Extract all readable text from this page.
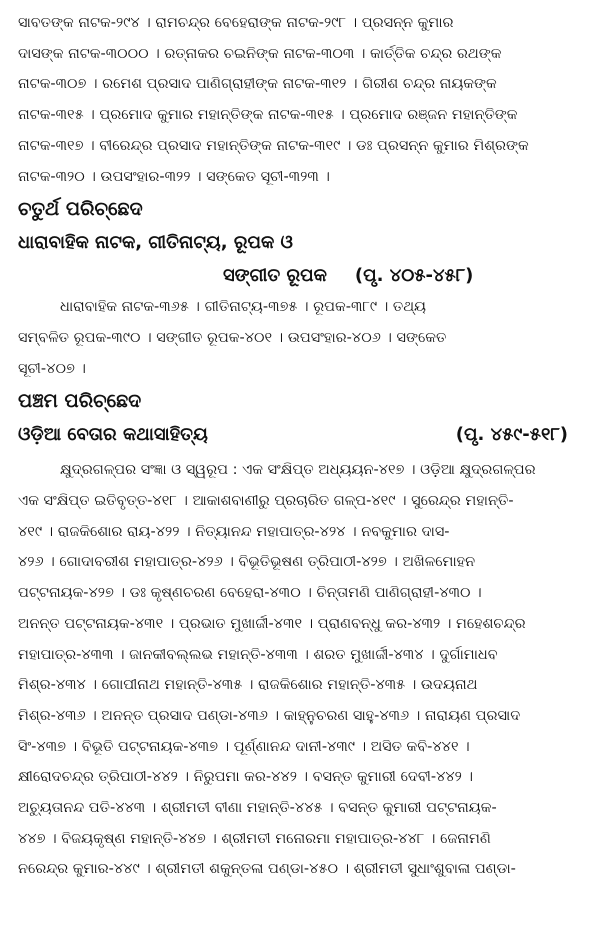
ସାବତଙ୍କ ନାଟକ-୨୯୪ । ରାମଚନ୍ଦ୍ର ବେହେରାଙ୍କ ନାଟକ-୨୯୮ । ପ୍ରସନ୍ନ କୁମାର
ଦାସଙ୍କ ନାଟକ-୩୦୦୦ । ରତ୍ନାକର ଚଇନିଙ୍କ ନାଟକ-୩୦୩ । କାର୍ତ୍ତିକ ଚନ୍ଦ୍ର ରଥଙ୍କ
ନାଟକ-୩୦୭ । ରମେଶ ପ୍ରସାଦ ପାଣିଗ୍ରାହୀଙ୍କ ନାଟକ-୩୧୨ । ଗିରୀଶ ଚନ୍ଦ୍ର ନାୟକଙ୍କ
ନାଟକ-୩୧୫ । ପ୍ରମୋଦ କୁମାର ମହାନ୍ତିଙ୍କ ନାଟକ-୩୧୫ । ପ୍ରମୋଦ ରଞ୍ଜନ ମହାନ୍ତିଙ୍କ
ନାଟକ-୩୧୭ । ବୀରେନ୍ଦ୍ର ପ୍ରସାଦ ମହାନ୍ତିଙ୍କ ନାଟକ-୩୧୯ । ଡଃ ପ୍ରସନ୍ନ କୁମାର ମିଶ୍ରଙ୍କ
ନାଟକ-୩୨୦ । ଉପସଂହାର-୩୨୨ । ସଙ୍କେତ ସୂଚୀ-୩୨୩ ।
ଚତୁର୍ଥ ପରିଚ୍ଛେଦ
ଧାରାବାହିକ ନାଟକ, ଗୀତିନାଟ୍ୟ, ରୂପକ ଓ
ସଙ୍ଗୀତ ରୂପକ (ପୃ. ୪୦୫-୪୫୮)
ଧାରାବାହିକ ନାଟକ-୩୬୫ । ଗୀତିନାଟ୍ୟ-୩୭୫ । ରୂପକ-୩୮୯ । ତଥ୍ୟ
ସମ୍ବଳିତ ରୂପକ-୩୯୦ । ସଙ୍ଗୀତ ରୂପକ-୪୦୧ । ଉପସଂହାର-୪୦୬ । ସଙ୍କେତ
ସୂଚୀ-୪୦୭ ।
ପଞ୍ଚମ ପରିଚ୍ଛେଦ
ଓଡ଼ିଆ ବେତାର କଥାସାହିତ୍ୟ	(ପୃ. ୪୫୯-୫୧୮)
କ୍ଷୁଦ୍ରଗଳ୍ପର ସଂଜ୍ଞା ଓ ସ୍ୱରୂପ : ଏକ ସଂକ୍ଷିପ୍ତ ଅଧ୍ୟୟନ-୪୧୭ । ଓଡ଼ିଆ କ୍ଷୁଦ୍ରଗଳ୍ପର
ଏକ ସଂକ୍ଷିପ୍ତ ଇତିବୃତ୍ତ-୪୧୮ । ଆକାଶବାଣୀରୁ ପ୍ରଚାରିତ ଗଳ୍ପ-୪୧୯ । ସୁରେନ୍ଦ୍ର ମହାନ୍ତି-
୪୧୯ । ରାଜକିଶୋର ରାୟ-୪୨୨ । ନିତ୍ୟାନନ୍ଦ ମହାପାତ୍ର-୪୨୪ । ନବକୁମାର ଦାସ-
୪୨୬ । ଗୋଦାବରୀଶ ମହାପାତ୍ର-୪୨୬ । ବିଭୂତିଭୂଷଣ ତ୍ରିପାଠୀ-୪୨୭ । ଅଖିଳମୋହନ
ପଟ୍ଟନାୟକ-୪୨୭ । ଡଃ କୃଷ୍ଣଚରଣ ବେହେରା-୪୩୦ । ଚିନ୍ତାମଣି ପାଣିଗ୍ରାହୀ-୪୩୦ ।
ଅନନ୍ତ ପଟ୍ଟନାୟକ-୪୩୧ । ପ୍ରଭାତ ମୁଖାର୍ଜୀ-୪୩୧ । ପ୍ରାଣବନ୍ଧୁ କର-୪୩୨ । ମହେଶଚନ୍ଦ୍ର
ମହାପାତ୍ର-୪୩୩ । ଜାନକୀବଲ୍ଲଭ ମହାନ୍ତି-୪୩୩ । ଶରତ ମୁଖାର୍ଜୀ-୪୩୪ । ଦୁର୍ଗାମାଧବ
ମିଶ୍ର-୪୩୪ । ଗୋପୀନାଥ ମହାନ୍ତି-୪୩୫ । ରାଜକିଶୋର ମହାନ୍ତି-୪୩୫ । ଉଦୟନାଥ
ମିଶ୍ର-୪୩୬ । ଅନନ୍ତ ପ୍ରସାଦ ପଣ୍ଡା-୪୩୬ । କାହ୍ନୁଚରଣ ସାହୁ-୪୩୬ । ନାରାୟଣ ପ୍ରସାଦ
ସିଂ-୪୩୭ । ବିଭୂତି ପଟ୍ଟନାୟକ-୪୩୭ । ପୂର୍ଣ୍ଣାନନ୍ଦ ଦାନୀ-୪୩୯ । ଅସିତ କବି-୪୪୧ ।
କ୍ଷୀରୋଦଚନ୍ଦ୍ର ତ୍ରିପାଠୀ-୪୪୨ । ନିରୁପମା କର-୪୪୨ । ବସନ୍ତ କୁମାରୀ ଦେବୀ-୪୪୨ ।
ଅଚ୍ୟୁତାନନ୍ଦ ପତି-୪୪୩ । ଶ୍ରୀମତୀ ବୀଣା ମହାନ୍ତି-୪୪୫ । ବସନ୍ତ କୁମାରୀ ପଟ୍ଟନାୟକ-
୪୪୭ । ବିଜୟକୃଷ୍ଣ ମହାନ୍ତି-୪୪୭ । ଶ୍ରୀମତୀ ମନୋରମା ମହାପାତ୍ର-୪୪୮ । ଜେନାମଣି
ନରେନ୍ଦ୍ର କୁମାର-୪୪୯ । ଶ୍ରୀମତୀ ଶକୁନ୍ତଳା ପଣ୍ଡା-୪୫୦ । ଶ୍ରୀମତୀ ସୁଧାଂଶୁବାଳା ପଣ୍ଡା-
